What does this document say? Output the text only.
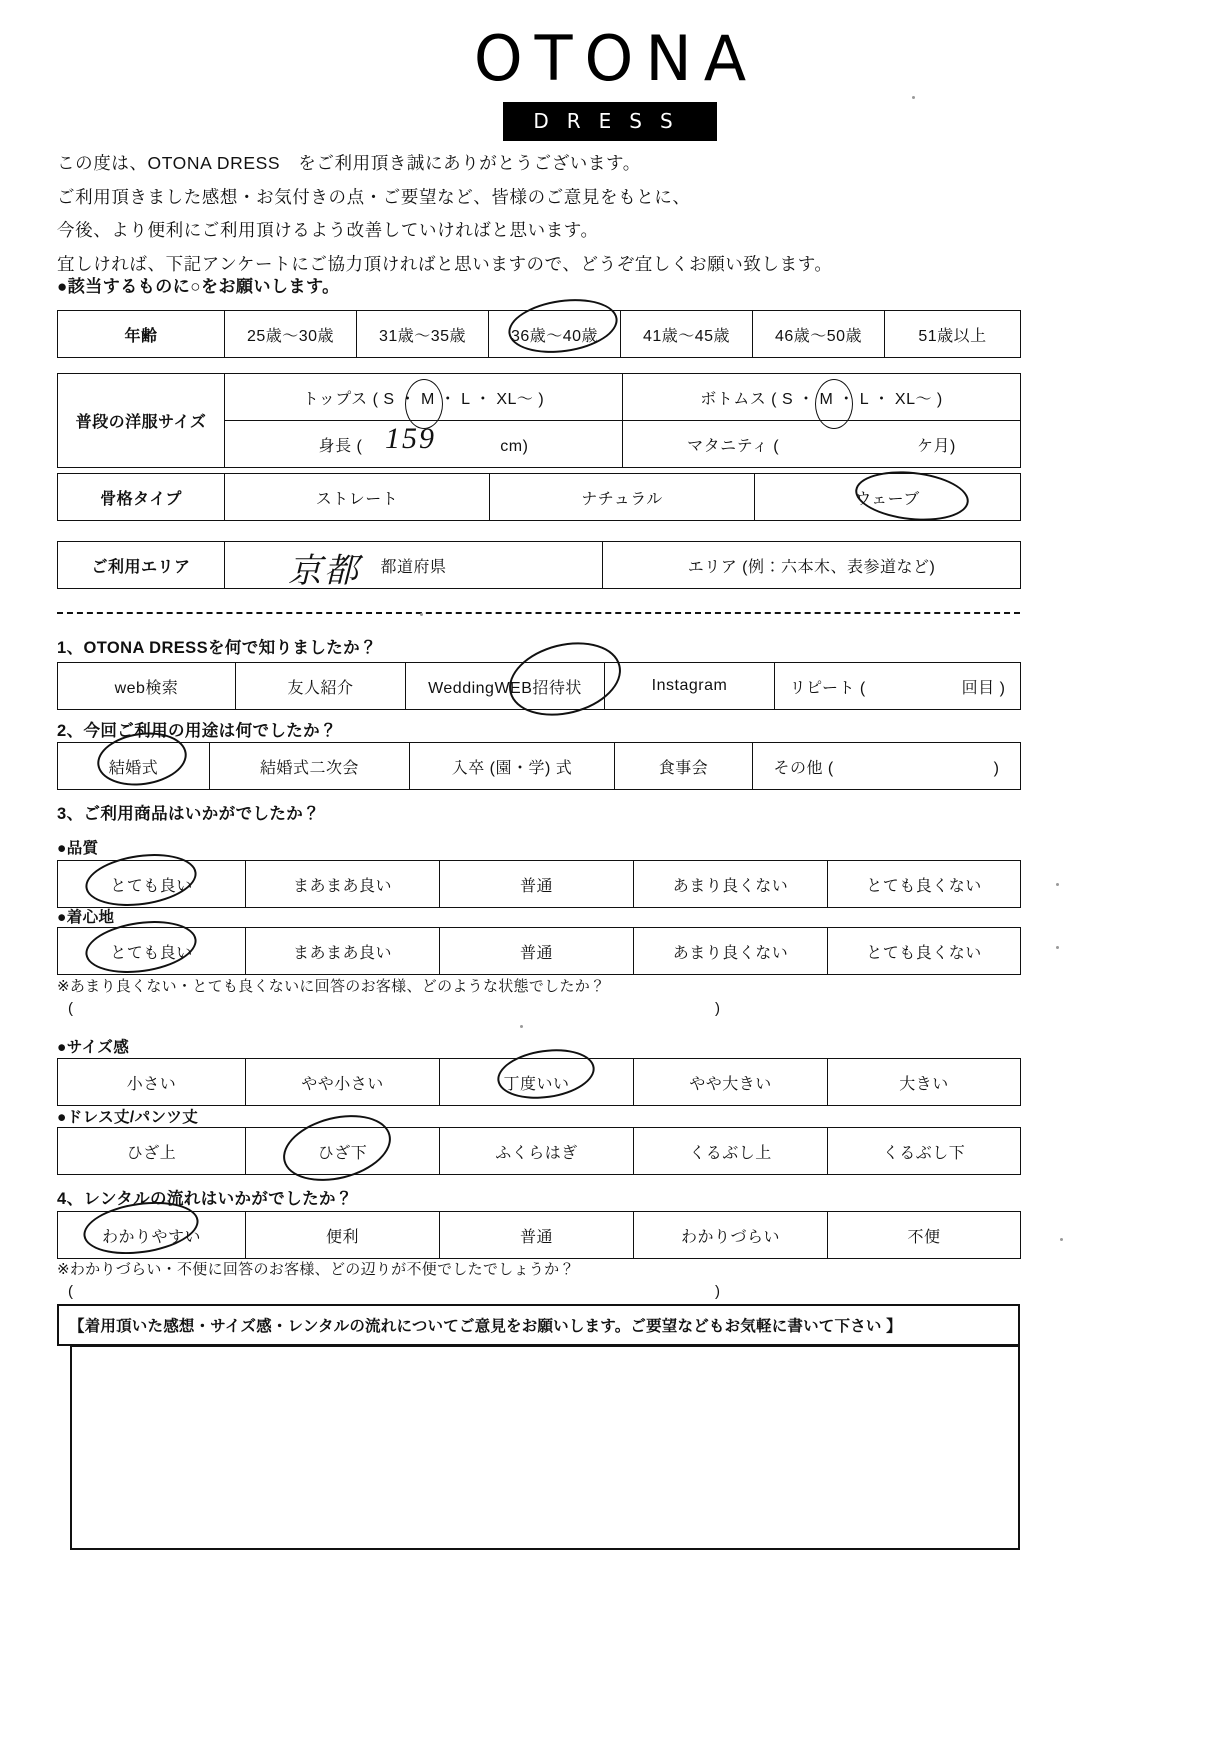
OTONA
DRESS

この度は、OTONA DRESS　をご利用頂き誠にありがとうございます。

ご利用頂きました感想・お気付きの点・ご要望など、皆様のご意見をもとに、

今後、より便利にご利用頂けるよう改善していければと思います。

宜しければ、下記アンケートにご協力頂ければと思いますので、どうぞ宜しくお願い致します。

●該当するものに○をお願いします。
年齢	25歳〜30歳	31歳〜35歳	36歳〜40歳	41歳〜45歳	46歳〜50歳	51歳以上
普段の洋服サイズ	トップス ( S ・ M ・ L ・ XL〜 )	ボトムス ( S ・ M ・ L ・ XL〜 )
	身長 ( cm)	マタニティ ( ケ月)
159
骨格タイプ	ストレート	ナチュラル	ウェーブ
ご利用エリア	都道府県	エリア (例：六本木、表参道など)
京都
1、OTONA DRESSを何で知りましたか？
web検索	友人紹介	WeddingWEB招待状	Instagram	リピート (	回目 )
2、今回ご利用の用途は何でしたか？
結婚式	結婚式二次会	入卒 (園・学) 式	食事会	その他 (	)
3、ご利用商品はいかがでしたか？
●品質
とても良い	まあまあ良い	普通	あまり良くない	とても良くない
●着心地
とても良い	まあまあ良い	普通	あまり良くない	とても良くない
※あまり良くない・とても良くないに回答のお客様、どのような状態でしたか？
(	)
●サイズ感
小さい	やや小さい	丁度いい	やや大きい	大きい
●ドレス丈/パンツ丈
ひざ上	ひざ下	ふくらはぎ	くるぶし上	くるぶし下
4、レンタルの流れはいかがでしたか？
わかりやすい	便利	普通	わかりづらい	不便
※わかりづらい・不便に回答のお客様、どの辺りが不便でしたでしょうか？
(	)
【着用頂いた感想・サイズ感・レンタルの流れについてご意見をお願いします。ご要望などもお気軽に書いて下さい 】
